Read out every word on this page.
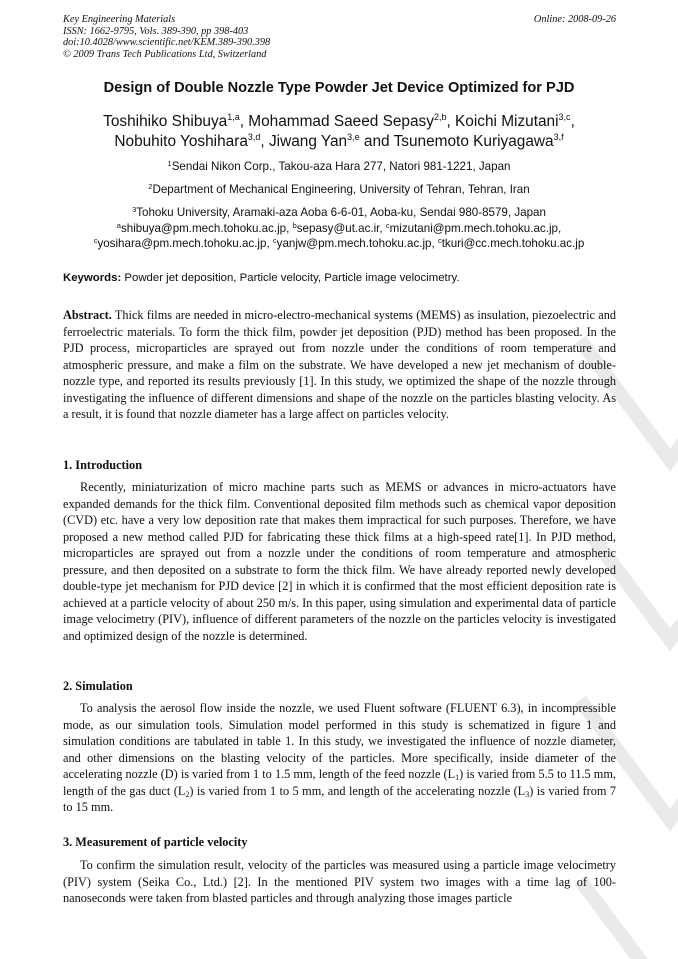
Key Engineering Materials
ISSN: 1662-9795, Vols. 389-390, pp 398-403
doi:10.4028/www.scientific.net/KEM.389-390.398
© 2009 Trans Tech Publications Ltd, Switzerland
Online: 2008-09-26
Design of Double Nozzle Type Powder Jet Device Optimized for PJD
Toshihiko Shibuya$^{1,a}$, Mohammad Saeed Sepasy$^{2,b}$, Koichi Mizutani$^{3,c}$,
Nobuhito Yoshihara$^{3,d}$, Jiwang Yan$^{3,e}$ and Tsunemoto Kuriyagawa$^{3,f}$
$^1$Sendai Nikon Corp., Takou-aza Hara 277, Natori 981-1221, Japan
$^2$Department of Mechanical Engineering, University of Tehran, Tehran, Iran
$^3$Tohoku University, Aramaki-aza Aoba 6-6-01, Aoba-ku, Sendai 980-8579, Japan
$^a$shibuya@pm.mech.tohoku.ac.jp, $^b$sepasy@ut.ac.ir, $^c$mizutani@pm.mech.tohoku.ac.jp,
$^c$yosihara@pm.mech.tohoku.ac.jp, $^c$yanjw@pm.mech.tohoku.ac.jp, $^c$tkuri@cc.mech.tohoku.ac.jp
Keywords: Powder jet deposition, Particle velocity, Particle image velocimetry.

Abstract. Thick films are needed in micro-electro-mechanical systems (MEMS) as insulation, piezoelectric and ferroelectric materials. To form the thick film, powder jet deposition (PJD) method has been proposed. In the PJD process, microparticles are sprayed out from nozzle under the conditions of room temperature and atmospheric pressure, and make a film on the substrate. We have developed a new jet mechanism of double-nozzle type, and reported its results previously [1]. In this study, we optimized the shape of the nozzle through investigating the influence of different dimensions and shape of the nozzle on the particles blasting velocity. As a result, it is found that nozzle diameter has a large affect on particles velocity.

1. Introduction

Recently, miniaturization of micro machine parts such as MEMS or advances in micro-actuators have expanded demands for the thick film. Conventional deposited film methods such as chemical vapor deposition (CVD) etc. have a very low deposition rate that makes them impractical for such purposes. Therefore, we have proposed a new method called PJD for fabricating these thick films at a high-speed rate[1]. In PJD method, microparticles are sprayed out from a nozzle under the conditions of room temperature and atmospheric pressure, and then deposited on a substrate to form the thick film. We have already reported newly developed double-type jet mechanism for PJD device [2] in which it is confirmed that the most efficient deposition rate is achieved at a particle velocity of about 250 m/s. In this paper, using simulation and experimental data of particle image velocimetry (PIV), influence of different parameters of the nozzle on the particles velocity is investigated and optimized design of the nozzle is determined.

2. Simulation

To analysis the aerosol flow inside the nozzle, we used Fluent software (FLUENT 6.3), in incompressible mode, as our simulation tools. Simulation model performed in this study is schematized in figure 1 and simulation conditions are tabulated in table 1. In this study, we investigated the influence of nozzle diameter, and other dimensions on the blasting velocity of the particles. More specifically, inside diameter of the accelerating nozzle (D) is varied from 1 to 1.5 mm, length of the feed nozzle $(L_1)$ is varied from 5.5 to 11.5 mm, length of the gas duct $(L_2)$ is varied from 1 to 5 mm, and length of the accelerating nozzle $(L_3)$ is varied from 7 to 15 mm.

3. Measurement of particle velocity

To confirm the simulation result, velocity of the particles was measured using a particle image velocimetry (PIV) system (Seika Co., Ltd.) [2]. In the mentioned PIV system two images with a time lag of 100-nanoseconds were taken from blasted particles and through analyzing those images particle
